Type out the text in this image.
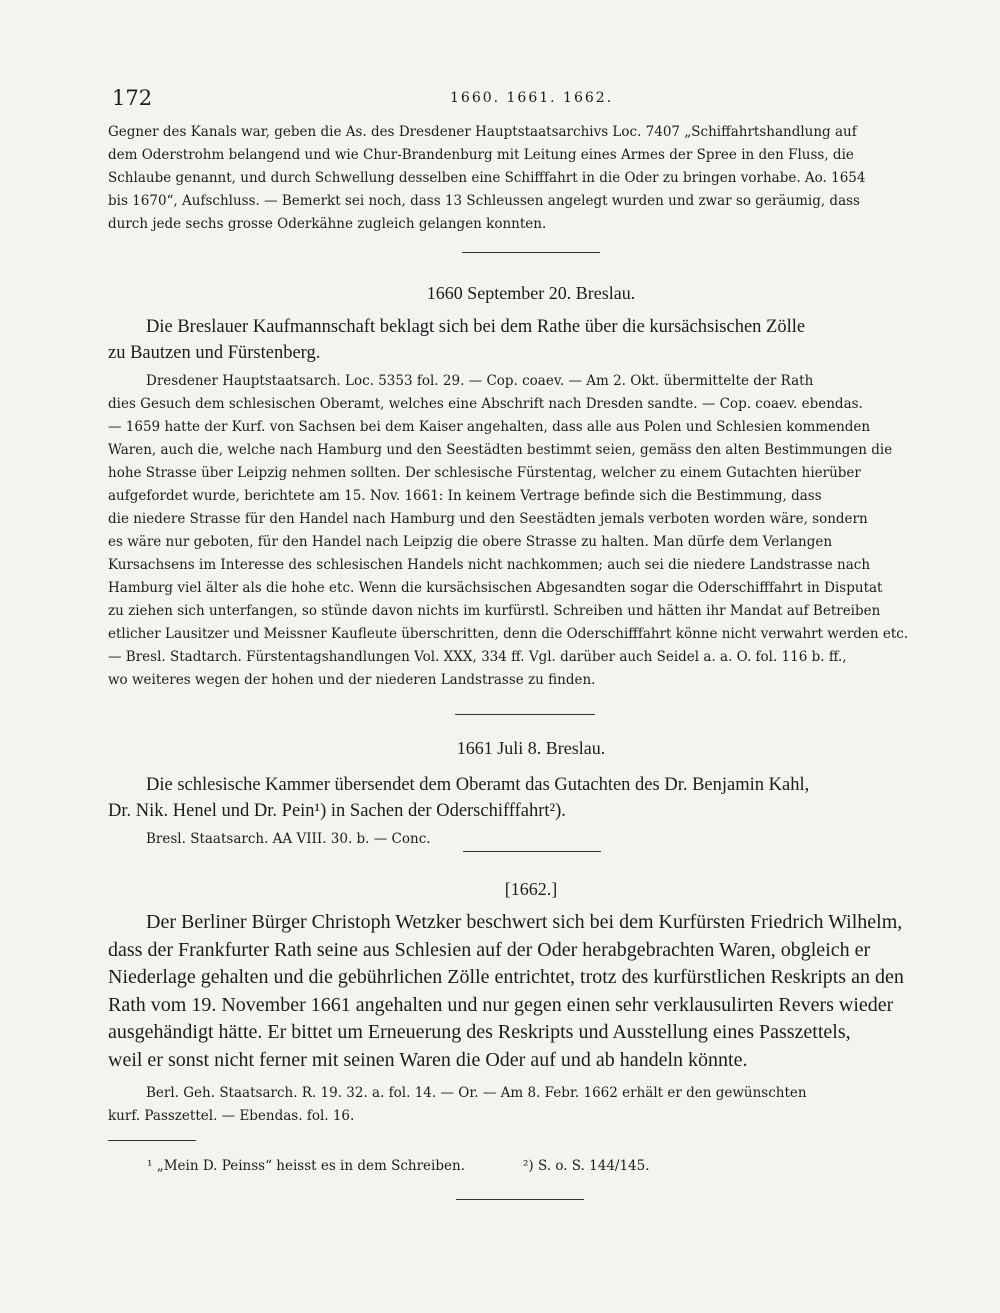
172	1660. 1661. 1662.
Gegner des Kanals war, geben die As. des Dresdener Hauptstaatsarchivs Loc. 7407 „Schiffahrtshandlung auf
dem Oderstrohm belangend und wie Chur-Brandenburg mit Leitung eines Armes der Spree in den Fluss, die
Schlaube genannt, und durch Schwellung desselben eine Schifffahrt in die Oder zu bringen vorhabe. Ao. 1654
bis 1670“, Aufschluss. — Bemerkt sei noch, dass 13 Schleussen angelegt wurden und zwar so geräumig, dass
durch jede sechs grosse Oderkähne zugleich gelangen konnten.
1660 September 20. Breslau.
Die Breslauer Kaufmannschaft beklagt sich bei dem Rathe über die kursächsischen Zölle
zu Bautzen und Fürstenberg.
Dresdener Hauptstaatsarch. Loc. 5353 fol. 29. — Cop. coaev. — Am 2. Okt. übermittelte der Rath
dies Gesuch dem schlesischen Oberamt, welches eine Abschrift nach Dresden sandte. — Cop. coaev. ebendas.
— 1659 hatte der Kurf. von Sachsen bei dem Kaiser angehalten, dass alle aus Polen und Schlesien kommenden
Waren, auch die, welche nach Hamburg und den Seestädten bestimmt seien, gemäss den alten Bestimmungen die
hohe Strasse über Leipzig nehmen sollten. Der schlesische Fürstentag, welcher zu einem Gutachten hierüber
aufgefordet wurde, berichtete am 15. Nov. 1661: In keinem Vertrage befinde sich die Bestimmung, dass
die niedere Strasse für den Handel nach Hamburg und den Seestädten jemals verboten worden wäre, sondern
es wäre nur geboten, für den Handel nach Leipzig die obere Strasse zu halten. Man dürfe dem Verlangen
Kursachsens im Interesse des schlesischen Handels nicht nachkommen; auch sei die niedere Landstrasse nach
Hamburg viel älter als die hohe etc. Wenn die kursächsischen Abgesandten sogar die Oderschifffahrt in Disputat
zu ziehen sich unterfangen, so stünde davon nichts im kurfürstl. Schreiben und hätten ihr Mandat auf Betreiben
etlicher Lausitzer und Meissner Kaufleute überschritten, denn die Oderschifffahrt könne nicht verwahrt werden etc.
— Bresl. Stadtarch. Fürstentagshandlungen Vol. XXX, 334 ff. Vgl. darüber auch Seidel a. a. O. fol. 116 b. ff.,
wo weiteres wegen der hohen und der niederen Landstrasse zu finden.
1661 Juli 8. Breslau.
Die schlesische Kammer übersendet dem Oberamt das Gutachten des Dr. Benjamin Kahl,
Dr. Nik. Henel und Dr. Pein¹) in Sachen der Oderschifffahrt²).
Bresl. Staatsarch. AA VIII. 30. b. — Conc.
[1662.]
Der Berliner Bürger Christoph Wetzker beschwert sich bei dem Kurfürsten Friedrich Wilhelm,
dass der Frankfurter Rath seine aus Schlesien auf der Oder herabgebrachten Waren, obgleich er
Niederlage gehalten und die gebührlichen Zölle entrichtet, trotz des kurfürstlichen Reskripts an den
Rath vom 19. November 1661 angehalten und nur gegen einen sehr verklausulirten Revers wieder
ausgehändigt hätte. Er bittet um Erneuerung des Reskripts und Ausstellung eines Passzettels,
weil er sonst nicht ferner mit seinen Waren die Oder auf und ab handeln könnte.
Berl. Geh. Staatsarch. R. 19. 32. a. fol. 14. — Or. — Am 8. Febr. 1662 erhält er den gewünschten
kurf. Passzettel. — Ebendas. fol. 16.
¹ „Mein D. Peinss“ heisst es in dem Schreiben.	²) S. o. S. 144/145.
